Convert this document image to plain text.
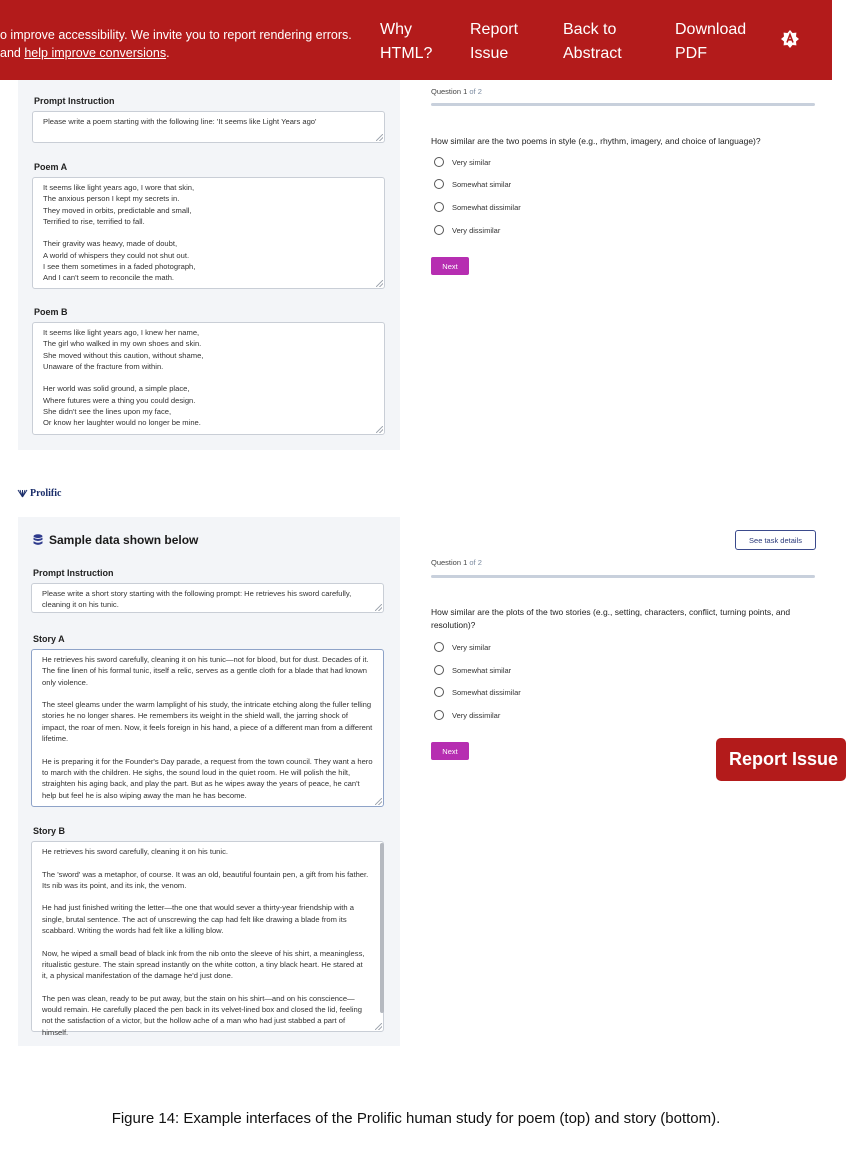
o improve accessibility. We invite you to report rendering errors.
and help improve conversions.
Why
HTML?
Report
Issue
Back to
Abstract
Download
PDF
Prompt Instruction
Please write a poem starting with the following line: 'It seems like Light Years ago'
Poem A
It seems like light years ago, I wore that skin,
The anxious person I kept my secrets in.
They moved in orbits, predictable and small,
Terrified to rise, terrified to fall.

Their gravity was heavy, made of doubt,
A world of whispers they could not shut out.
I see them sometimes in a faded photograph,
And I can't seem to reconcile the math.
Poem B
It seems like light years ago, I knew her name,
The girl who walked in my own shoes and skin.
She moved without this caution, without shame,
Unaware of the fracture from within.

Her world was solid ground, a simple place,
Where futures were a thing you could design.
She didn't see the lines upon my face,
Or know her laughter would no longer be mine.
Question 1 of 2
How similar are the two poems in style (e.g., rhythm, imagery, and choice of language)?
Very similar
Somewhat similar
Somewhat dissimilar
Very dissimilar
Next
Prolific
Sample data shown below	See task details
Prompt Instruction
Please write a short story starting with the following prompt: He retrieves his sword carefully, cleaning it on his tunic.
Story A
He retrieves his sword carefully, cleaning it on his tunic—not for blood, but for dust. Decades of it. The fine linen of his formal tunic, itself a relic, serves as a gentle cloth for a blade that had known only violence.
The steel gleams under the warm lamplight of his study, the intricate etching along the fuller telling stories he no longer shares. He remembers its weight in the shield wall, the jarring shock of impact, the roar of men. Now, it feels foreign in his hand, a piece of a different man from a different lifetime.
He is preparing it for the Founder's Day parade, a request from the town council. They want a hero to march with the children. He sighs, the sound loud in the quiet room. He will polish the hilt, straighten his aging back, and play the part. But as he wipes away the years of peace, he can't help but feel he is also wiping away the man he has become.
Story B
He retrieves his sword carefully, cleaning it on his tunic.
The 'sword' was a metaphor, of course. It was an old, beautiful fountain pen, a gift from his father. Its nib was its point, and its ink, the venom.
He had just finished writing the letter—the one that would sever a thirty-year friendship with a single, brutal sentence. The act of unscrewing the cap had felt like drawing a blade from its scabbard. Writing the words had felt like a killing blow.
Now, he wiped a small bead of black ink from the nib onto the sleeve of his shirt, a meaningless, ritualistic gesture. The stain spread instantly on the white cotton, a tiny black heart. He stared at it, a physical manifestation of the damage he'd just done.
The pen was clean, ready to be put away, but the stain on his shirt—and on his conscience—would remain. He carefully placed the pen back in its velvet-lined box and closed the lid, feeling not the satisfaction of a victor, but the hollow ache of a man who had just stabbed a part of himself.
Question 1 of 2
How similar are the plots of the two stories (e.g., setting, characters, conflict, turning points, and resolution)?
Very similar
Somewhat similar
Somewhat dissimilar
Very dissimilar
Next	Report Issue
Figure 14: Example interfaces of the Prolific human study for poem (top) and story (bottom).
